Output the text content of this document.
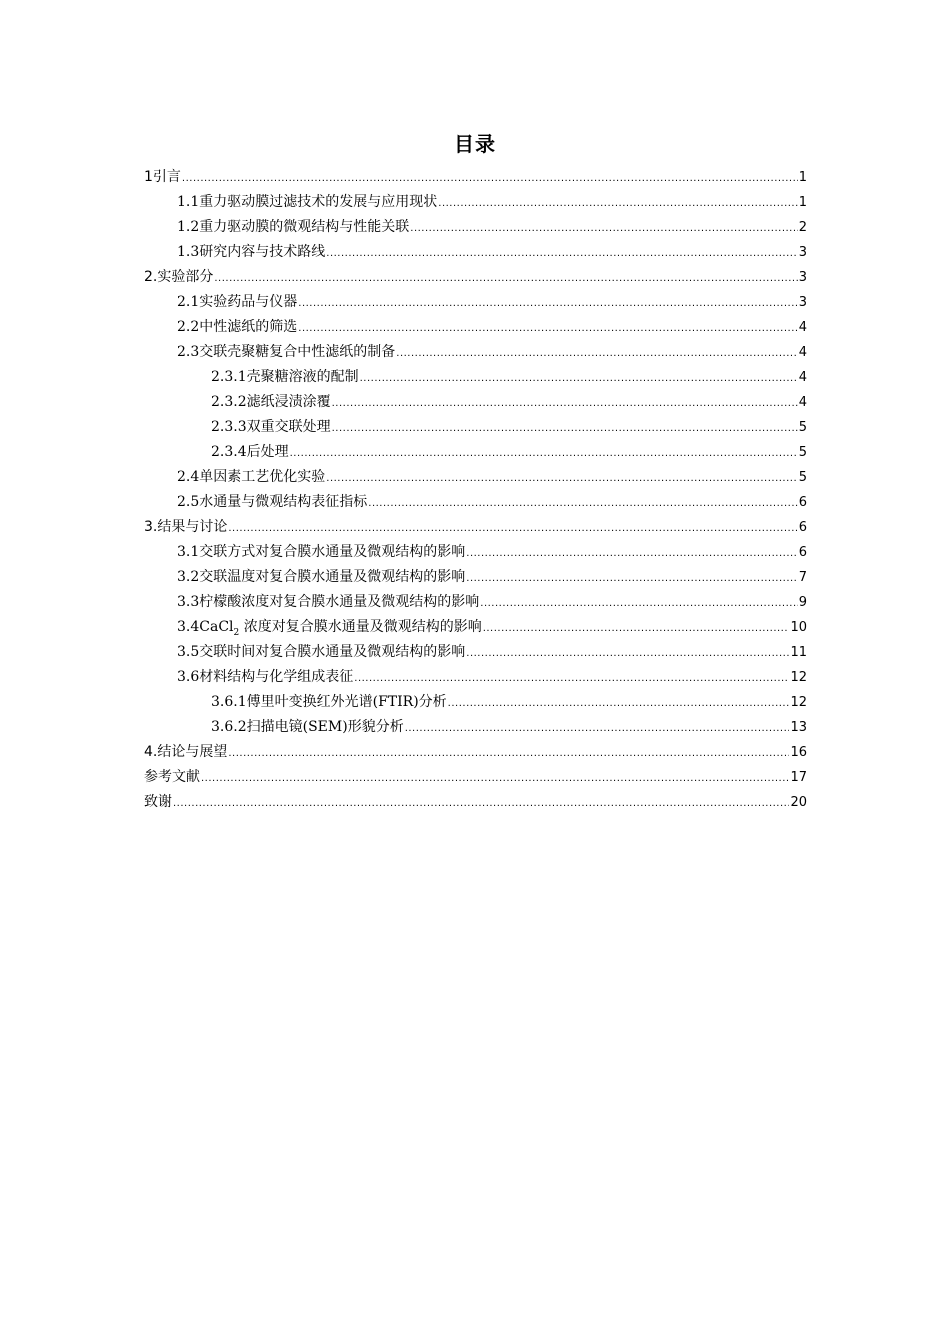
目录
1 引言 .....	1
1.1 重力驱动膜过滤技术的发展与应用现状 .....	1
1.2 重力驱动膜的微观结构与性能关联 .....	2
1.3 研究内容与技术路线 .....	3
2. 实验部分 .....	3
2.1 实验药品与仪器 .....	3
2.2 中性滤纸的筛选 .....	4
2.3 交联壳聚糖复合中性滤纸的制备 .....	4
2.3.1 壳聚糖溶液的配制 .....	4
2.3.2 滤纸浸渍涂覆 .....	4
2.3.3 双重交联处理 .....	5
2.3.4 后处理 .....	5
2.4 单因素工艺优化实验 .....	5
2.5 水通量与微观结构表征指标 .....	6
3. 结果与讨论 .....	6
3.1 交联方式对复合膜水通量及微观结构的影响 .....	6
3.2 交联温度对复合膜水通量及微观结构的影响 .....	7
3.3 柠檬酸浓度对复合膜水通量及微观结构的影响 .....	9
3.4 CaCl$_2$ 浓度对复合膜水通量及微观结构的影响 .....	10
3.5 交联时间对复合膜水通量及微观结构的影响 .....	11
3.6 材料结构与化学组成表征 .....	12
3.6.1 傅里叶变换红外光谱(FTIR)分析 .....	12
3.6.2 扫描电镜(SEM)形貌分析 .....	13
4. 结论与展望 .....	16
参考文献 .....	17
致谢 .....	20
